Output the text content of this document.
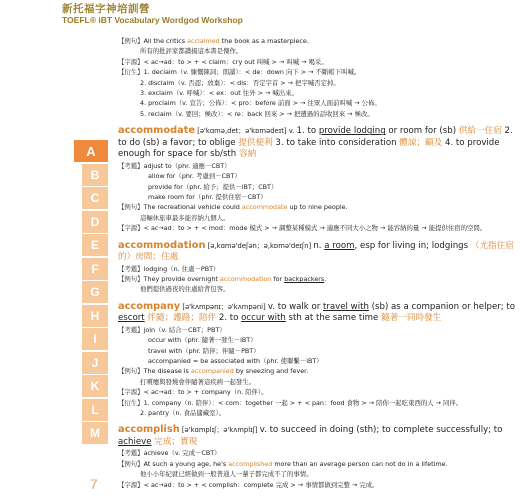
新托福字神培訓營
TOEFL® iBT Vocabulary Wordgod Workshop
A
B
C
D
E
F
G
H
I
J
K
L
M
【例句】All the critics acclaimed the book as a masterpiece.
所有的批評家都讚揚這本書是傑作。
【字源】< ac→ad：to > + < claim：cry out 叫喊 > → 叫喊 → 喝采。
【衍生】1. declaim（v. 慷慨陳詞；朗讀）：< de：down 向下 > → 不斷帳下叫喊。
2. disclaim（v. 否認；放棄）：< dis：否定字首 > → 把字喊否定掉。
3. exclaim（v. 呼喊）：< ex：out 往外 > → 喊出來。
4. proclaim（v. 宣告；公佈）：< pro：before 前面 > → 往眾人面前叫喊 → 公佈。
5. reclaim（v. 要回；極改）：< re：back 回來 > → 把遺過的話收回來 → 極改。
accommodate [ə'kɑmə‚det；ə'kɒmədeɪt] v. 1. to provide lodging or room for (sb) 供給一住宿 2. to do (sb) a favor; to oblige 提供便利 3. to take into consideration 體諒；顧及 4. to provide enough for space for sb/sth 容納
【考鑑】adjust to（phr. 適應－CBT）
allow for（phr. 考慮到－CBT）
provide for（phr. 給予；提供－iBT；CBT）
make room for（phr. 提供住宿－CBT）
【例句】The recreational vehicle could accommodate up to nine people.
這輛休旅車最多能容納九個人。
【字源】< ac→ad：to > + < mod：mode 模式 > → 調整某種模式 → 適應不同大小之物 → 能容納的量 → 能提供住宿的空間。
accommodation [ə‚kɑmə'deʃən；ə‚kɒmə'deɪʃn] n. a room, esp for living in; lodgings （尤指住宿的）房間；住處
【考鑑】lodging（n. 住處－PBT）
【例句】They provide overnight accommodation for backpackers.
他們提供過夜的住處給背包客。
accompany [ə'kʌmpənɪ；ə'kʌmpəni] v. to walk or travel with (sb) as a companion or helper; to escort 伴隨；護路；陪伴 2. to occur with sth at the same time 隨著一同時發生
【考鑑】join（v. 結合－CBT；PBT）
occur with（phr. 隨著一發生－iBT）
travel with（phr. 陪伴；伴隨－PBT）
accompanied = be associated with（phr. 使聯繫－iBT）
【例句】The disease is accompanied by sneezing and fever.
打噴嚏與發燒會伴隨著這疾病一起發生。
【字源】< ac→ad：to > + company（n. 陪伴）。
【衍生】1. company（n. 陪伴）：< com：together 一起 > + < pan：food 食物 > → 陪你一起吃東西的人 → 同伴。
2. pantry（n. 食品儲藏室）。
accomplish [ə'kɑmplɪʃ；ə'kʌmplɪʃ] v. to succeed in doing (sth); to complete successfully; to achieve 完成；實現
【考鑑】achieve（v. 完成－CBT）
【例句】At such a young age, he's accomplished more than an average person can not do in a lifetime.
他小小年紀就已經做到一般普通人一輩子都完成不了的事情。
【字源】< ac→ad：to > + < complish：complete 完成 > → 事情都做到完整 → 完成。
7
